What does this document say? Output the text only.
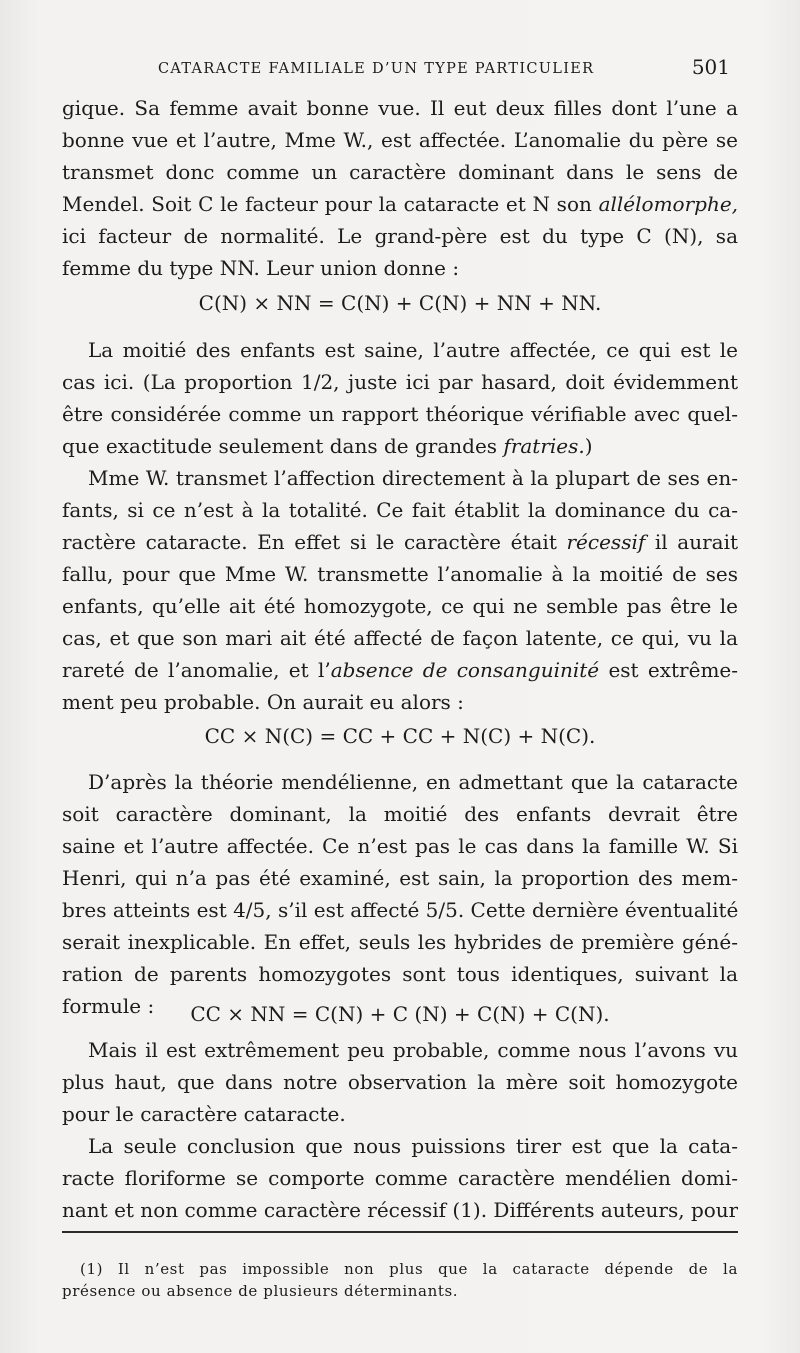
CATARACTE FAMILIALE D’UN TYPE PARTICULIER	501
gique. Sa femme avait bonne vue. Il eut deux filles dont l’une a
bonne vue et l’autre, Mme W., est affectée. L’anomalie du père se
transmet donc comme un caractère dominant dans le sens de
Mendel. Soit C le facteur pour la cataracte et N son allélomorphe,
ici facteur de normalité. Le grand-père est du type C (N), sa
femme du type NN. Leur union donne :
C(N) × NN = C(N) + C(N) + NN + NN.
La moitié des enfants est saine, l’autre affectée, ce qui est le
cas ici. (La proportion 1/2, juste ici par hasard, doit évidemment
être considérée comme un rapport théorique vérifiable avec quel-
que exactitude seulement dans de grandes fratries.)
Mme W. transmet l’affection directement à la plupart de ses en-
fants, si ce n’est à la totalité. Ce fait établit la dominance du ca-
ractère cataracte. En effet si le caractère était récessif il aurait
fallu, pour que Mme W. transmette l’anomalie à la moitié de ses
enfants, qu’elle ait été homozygote, ce qui ne semble pas être le
cas, et que son mari ait été affecté de façon latente, ce qui, vu la
rareté de l’anomalie, et l’absence de consanguinité est extrême-
ment peu probable. On aurait eu alors :
CC × N(C) = CC + CC + N(C) + N(C).
D’après la théorie mendélienne, en admettant que la cataracte
soit caractère dominant, la moitié des enfants devrait être
saine et l’autre affectée. Ce n’est pas le cas dans la famille W. Si
Henri, qui n’a pas été examiné, est sain, la proportion des mem-
bres atteints est 4/5, s’il est affecté 5/5. Cette dernière éventualité
serait inexplicable. En effet, seuls les hybrides de première géné-
ration de parents homozygotes sont tous identiques, suivant la
formule :	CC × NN = C(N) + C (N) + C(N) + C(N).
Mais il est extrêmement peu probable, comme nous l’avons vu
plus haut, que dans notre observation la mère soit homozygote
pour le caractère cataracte.
La seule conclusion que nous puissions tirer est que la cata-
racte floriforme se comporte comme caractère mendélien domi-
(1) Il n’est pas impossible non plus que la cataracte dépende de la
présence ou absence de plusieurs déterminants.
nant et non comme caractère récessif (1). Différents auteurs, pour
